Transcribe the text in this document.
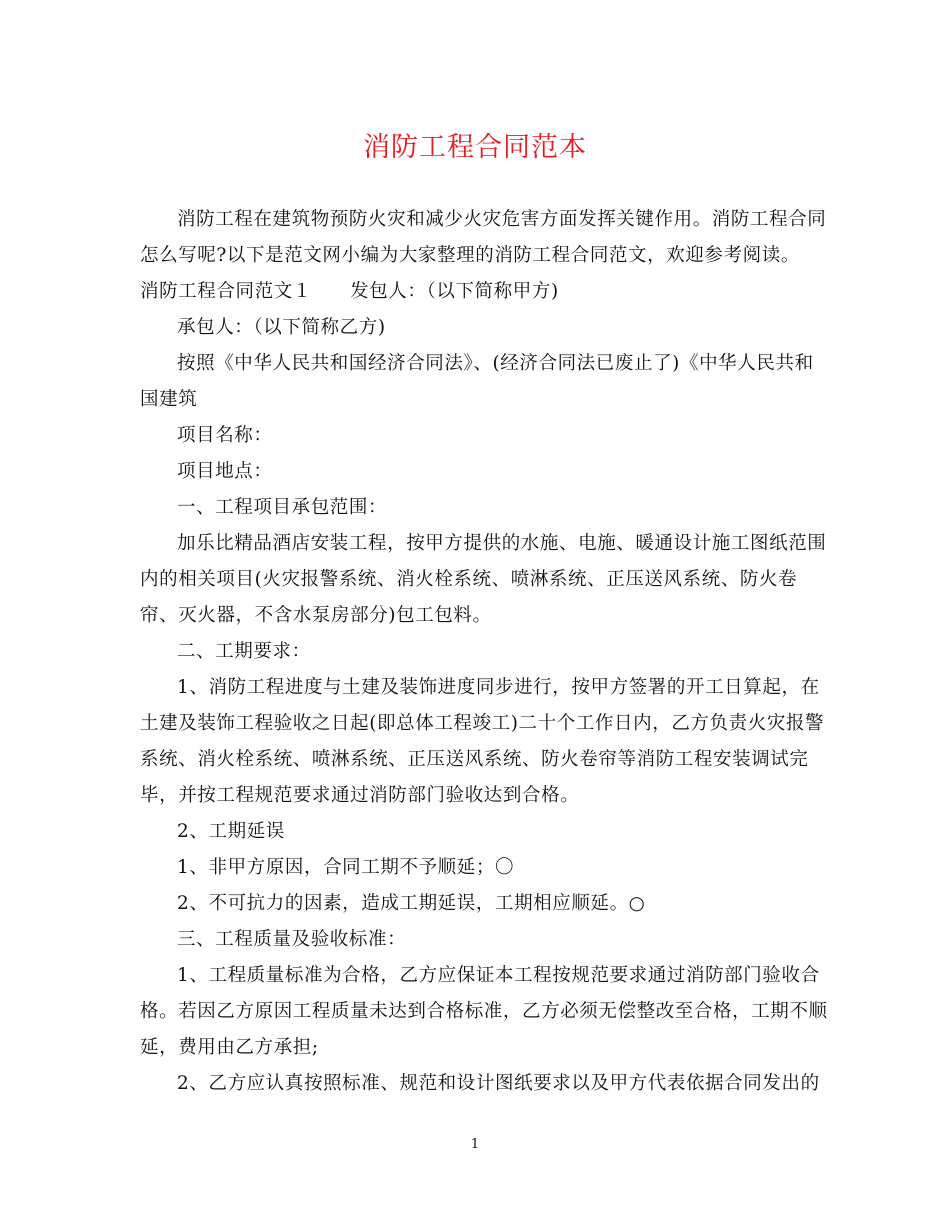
消防工程合同范本

消防工程在建筑物预防火灾和减少火灾危害方面发挥关键作用。消防工程合同

怎么写呢?以下是范文网小编为大家整理的消防工程合同范文，欢迎参考阅读。

消防工程合同范文１　　发包人：（以下简称甲方)

承包人：（以下简称乙方)

按照《中华人民共和国经济合同法》、(经济合同法已废止了)《中华人民共和

国建筑

项目名称：

项目地点：

一、工程项目承包范围：

加乐比精品酒店安装工程，按甲方提供的水施、电施、暖通设计施工图纸范围

内的相关项目(火灾报警系统、消火栓系统、喷淋系统、正压送风系统、防火卷

帘、灭火器，不含水泵房部分)包工包料。

二、工期要求：

1、消防工程进度与土建及装饰进度同步进行，按甲方签署的开工日算起，在

土建及装饰工程验收之日起(即总体工程竣工)二十个工作日内，乙方负责火灾报警

系统、消火栓系统、喷淋系统、正压送风系统、防火卷帘等消防工程安装调试完

毕，并按工程规范要求通过消防部门验收达到合格。

2、工期延误

1、非甲方原因，合同工期不予顺延；〇

2、不可抗力的因素，造成工期延误，工期相应顺延。○

三、工程质量及验收标准：

1、工程质量标准为合格，乙方应保证本工程按规范要求通过消防部门验收合

格。若因乙方原因工程质量未达到合格标准，乙方必须无偿整改至合格，工期不顺

延，费用由乙方承担;

2、乙方应认真按照标准、规范和设计图纸要求以及甲方代表依据合同发出的

1
